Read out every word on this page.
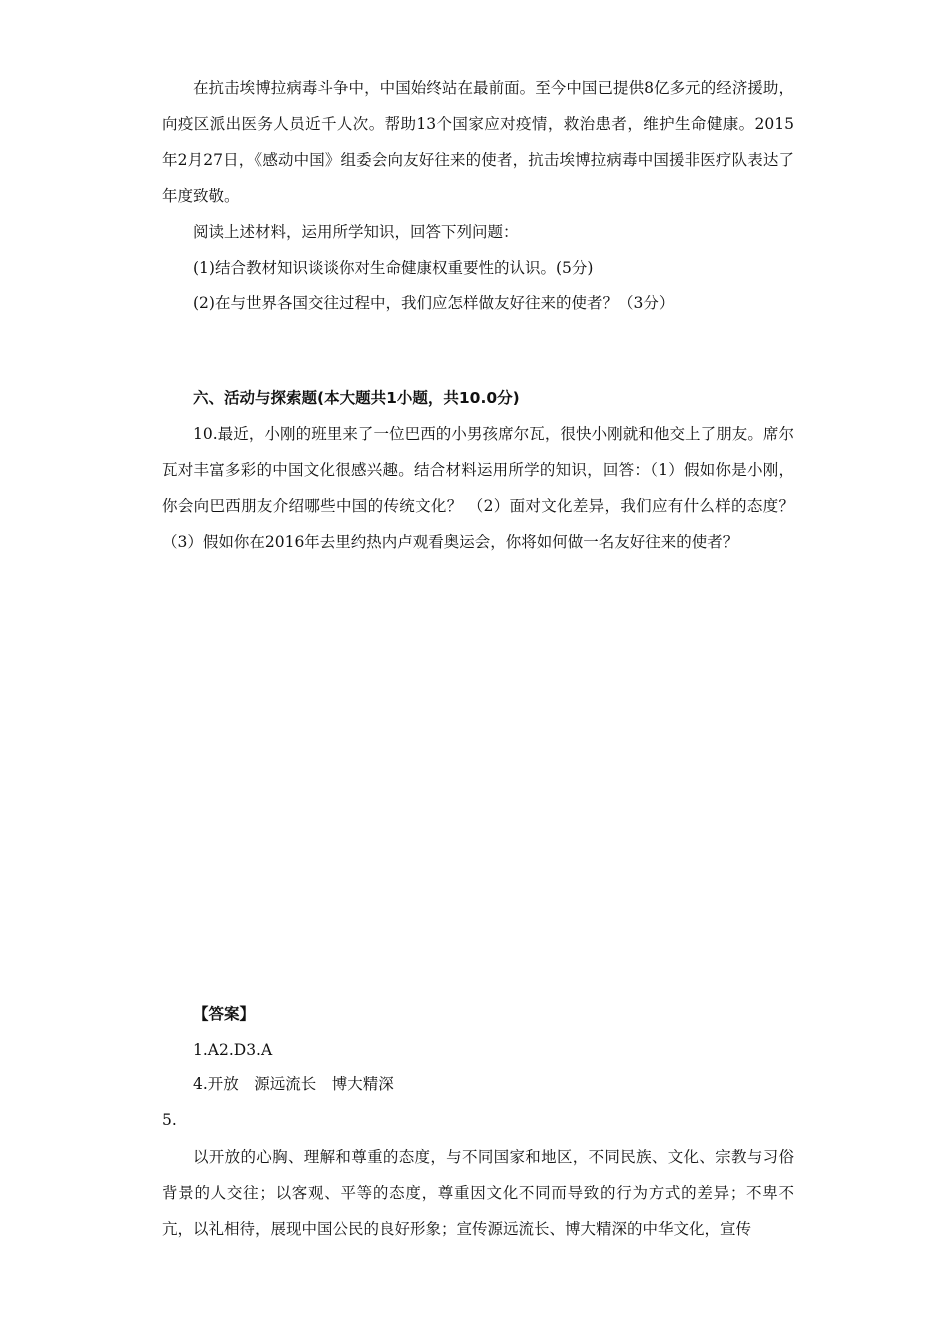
在抗击埃博拉病毒斗争中，中国始终站在最前面。至今中国已提供8亿多元的经济援助，向疫区派出医务人员近千人次。帮助13个国家应对疫情，救治患者，维护生命健康。2015年2月27日，《感动中国》组委会向友好往来的使者，抗击埃博拉病毒中国援非医疗队表达了年度致敬。

阅读上述材料，运用所学知识，回答下列问题：

(1)结合教材知识谈谈你对生命健康权重要性的认识。(5分)

(2)在与世界各国交往过程中，我们应怎样做友好往来的使者？（3分）

六、活动与探索题(本大题共1小题，共10.0分)

10.最近，小刚的班里来了一位巴西的小男孩席尔瓦，很快小刚就和他交上了朋友。席尔瓦对丰富多彩的中国文化很感兴趣。结合材料运用所学的知识，回答：（1）假如你是小刚，你会向巴西朋友介绍哪些中国的传统文化？ （2）面对文化差异，我们应有什么样的态度？ （3）假如你在2016年去里约热内卢观看奥运会，你将如何做一名友好往来的使者？

【答案】

1.A2.D3.A

4.开放　源远流长　博大精深

5.

以开放的心胸、理解和尊重的态度，与不同国家和地区，不同民族、文化、宗教与习俗背景的人交往；以客观、平等的态度，尊重因文化不同而导致的行为方式的差异；不卑不亢，以礼相待，展现中国公民的良好形象；宣传源远流长、博大精深的中华文化，宣传
